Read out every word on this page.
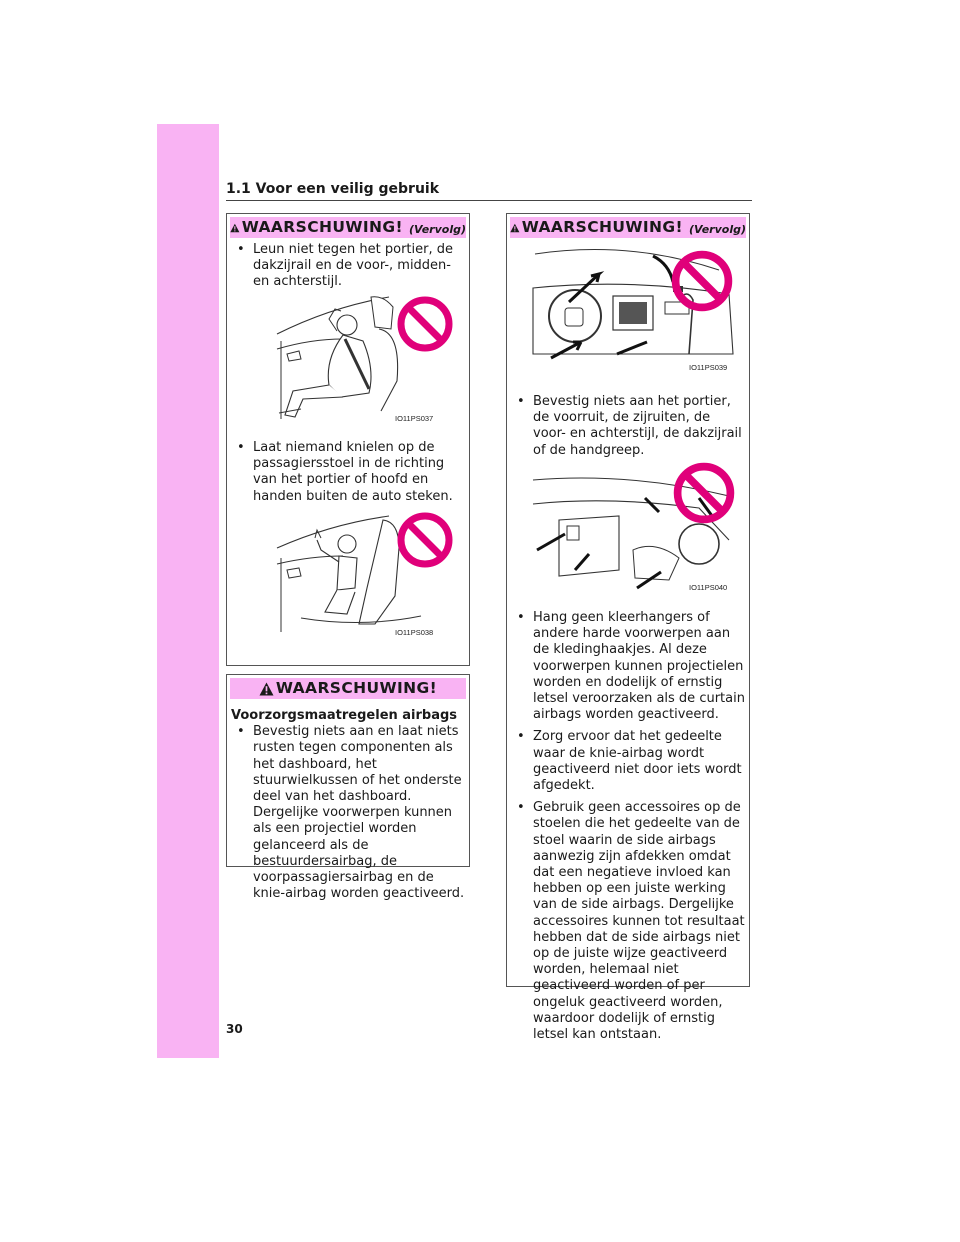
1.1 Voor een veilig gebruik
WAARSCHUWING! (Vervolg)

• Leun niet tegen het portier, de dakzijrail en de voor-, midden- en achterstijl.

IO11PS037

• Laat niemand knielen op de passagiersstoel in de richting van het portier of hoofd en handen buiten de auto steken.

IO11PS038
WAARSCHUWING!

Voorzorgsmaatregelen airbags

• Bevestig niets aan en laat niets rusten tegen componenten als het dashboard, het stuurwielkussen of het onderste deel van het dashboard. Dergelijke voorwerpen kunnen als een projectiel worden gelanceerd als de bestuurdersairbag, de voorpassagiersairbag en de knie-airbag worden geactiveerd.

WAARSCHUWING! (Vervolg)
IO11PS039

• Bevestig niets aan het portier, de voorruit, de zijruiten, de voor- en achterstijl, de dakzijrail of de handgreep.

IO11PS040

• Hang geen kleerhangers of andere harde voorwerpen aan de kledinghaakjes. Al deze voorwerpen kunnen projectielen worden en dodelijk of ernstig letsel veroorzaken als de curtain airbags worden geactiveerd.

• Zorg ervoor dat het gedeelte waar de knie-airbag wordt geactiveerd niet door iets wordt afgedekt.

• Gebruik geen accessoires op de stoelen die het gedeelte van de stoel waarin de side airbags aanwezig zijn afdekken omdat dat een negatieve invloed kan hebben op een juiste werking van de side airbags. Dergelijke accessoires kunnen tot resultaat hebben dat de side airbags niet op de juiste wijze geactiveerd worden, helemaal niet geactiveerd worden of per ongeluk geactiveerd worden, waardoor dodelijk of ernstig letsel kan ontstaan.

30
